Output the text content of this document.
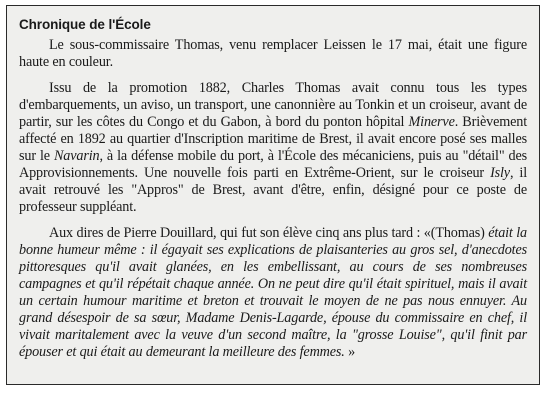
Chronique de l'École

Le sous-commissaire Thomas, venu remplacer Leissen le 17 mai, était une figure haute en couleur.

Issu de la promotion 1882, Charles Thomas avait connu tous les types d'embarquements, un aviso, un transport, une canonnière au Tonkin et un croiseur, avant de partir, sur les côtes du Congo et du Gabon, à bord du ponton hôpital Minerve. Brièvement affecté en 1892 au quartier d'Inscription maritime de Brest, il avait encore posé ses malles sur le Navarin, à la défense mobile du port, à l'École des mécaniciens, puis au "détail" des Approvisionnements. Une nouvelle fois parti en Extrême-Orient, sur le croiseur Isly, il avait retrouvé les "Appros" de Brest, avant d'être, enfin, désigné pour ce poste de professeur suppléant.

Aux dires de Pierre Douillard, qui fut son élève cinq ans plus tard : «(Thomas) était la bonne humeur même : il égayait ses explications de plaisanteries au gros sel, d'anecdotes pittoresques qu'il avait glanées, en les embellissant, au cours de ses nombreuses campagnes et qu'il répétait chaque année. On ne peut dire qu'il était spirituel, mais il avait un certain humour maritime et breton et trouvait le moyen de ne pas nous ennuyer. Au grand désespoir de sa sœur, Madame Denis-Lagarde, épouse du commissaire en chef, il vivait maritalement avec la veuve d'un second maître, la "grosse Louise", qu'il finit par épouser et qui était au demeurant la meilleure des femmes. »
